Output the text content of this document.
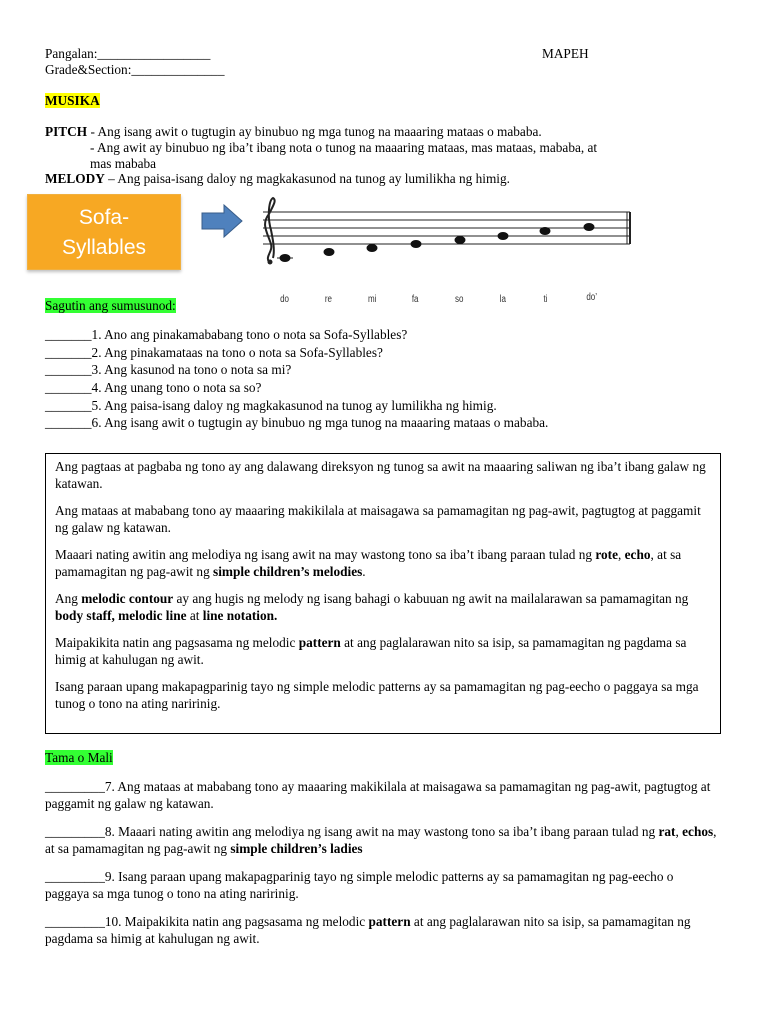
Pangalan:_________________
Grade&Section:______________
MAPEH
MUSIKA
PITCH - Ang isang awit o tugtugin ay binubuo ng mga tunog na maaaring mataas o mababa.
- Ang awit ay binubuo ng iba’t ibang nota o tunog na maaaring mataas, mas mataas, mababa, at
mas mababa
MELODY – Ang paisa-isang daloy ng magkakasunod na tunog ay lumilikha ng himig.
Sofa-
Syllables
do	re	mi	fa	so	la	ti	do’
Sagutin ang sumusunod:
_______1. Ano ang pinakamababang tono o nota sa Sofa-Syllables?
_______2. Ang pinakamataas na tono o nota sa Sofa-Syllables?
_______3. Ang kasunod na tono o nota sa mi?
_______4. Ang unang tono o nota sa so?
_______5. Ang paisa-isang daloy ng magkakasunod na tunog ay lumilikha ng himig.
_______6. Ang isang awit o tugtugin ay binubuo ng mga tunog na maaaring mataas o mababa.

Ang pagtaas at pagbaba ng tono ay ang dalawang direksyon ng tunog sa awit na maaaring saliwan ng iba’t ibang galaw ng katawan.

Ang mataas at mababang tono ay maaaring makikilala at maisagawa sa pamamagitan ng pag-awit, pagtugtog at paggamit ng galaw ng katawan.

Maaari nating awitin ang melodiya ng isang awit na may wastong tono sa iba’t ibang paraan tulad ng rote, echo, at sa pamamagitan ng pag-awit ng simple children’s melodies.

Ang melodic contour ay ang hugis ng melody ng isang bahagi o kabuuan ng awit na mailalarawan sa pamamagitan ng body staff, melodic line at line notation.

Maipakikita natin ang pagsasama ng melodic pattern at ang paglalarawan nito sa isip, sa pamamagitan ng pagdama sa himig at kahulugan ng awit.

Isang paraan upang makapagparinig tayo ng simple melodic patterns ay sa pamamagitan ng pag-eecho o paggaya sa mga tunog o tono na ating naririnig.

Tama o Mali

_________7. Ang mataas at mababang tono ay maaaring makikilala at maisagawa sa pamamagitan ng pag-awit, pagtugtog at paggamit ng galaw ng katawan.

_________8. Maaari nating awitin ang melodiya ng isang awit na may wastong tono sa iba’t ibang paraan tulad ng rat, echos, at sa pamamagitan ng pag-awit ng simple children’s ladies

_________9. Isang paraan upang makapagparinig tayo ng simple melodic patterns ay sa pamamagitan ng pag-eecho o paggaya sa mga tunog o tono na ating naririnig.

_________10. Maipakikita natin ang pagsasama ng melodic pattern at ang paglalarawan nito sa isip, sa pamamagitan ng pagdama sa himig at kahulugan ng awit.
